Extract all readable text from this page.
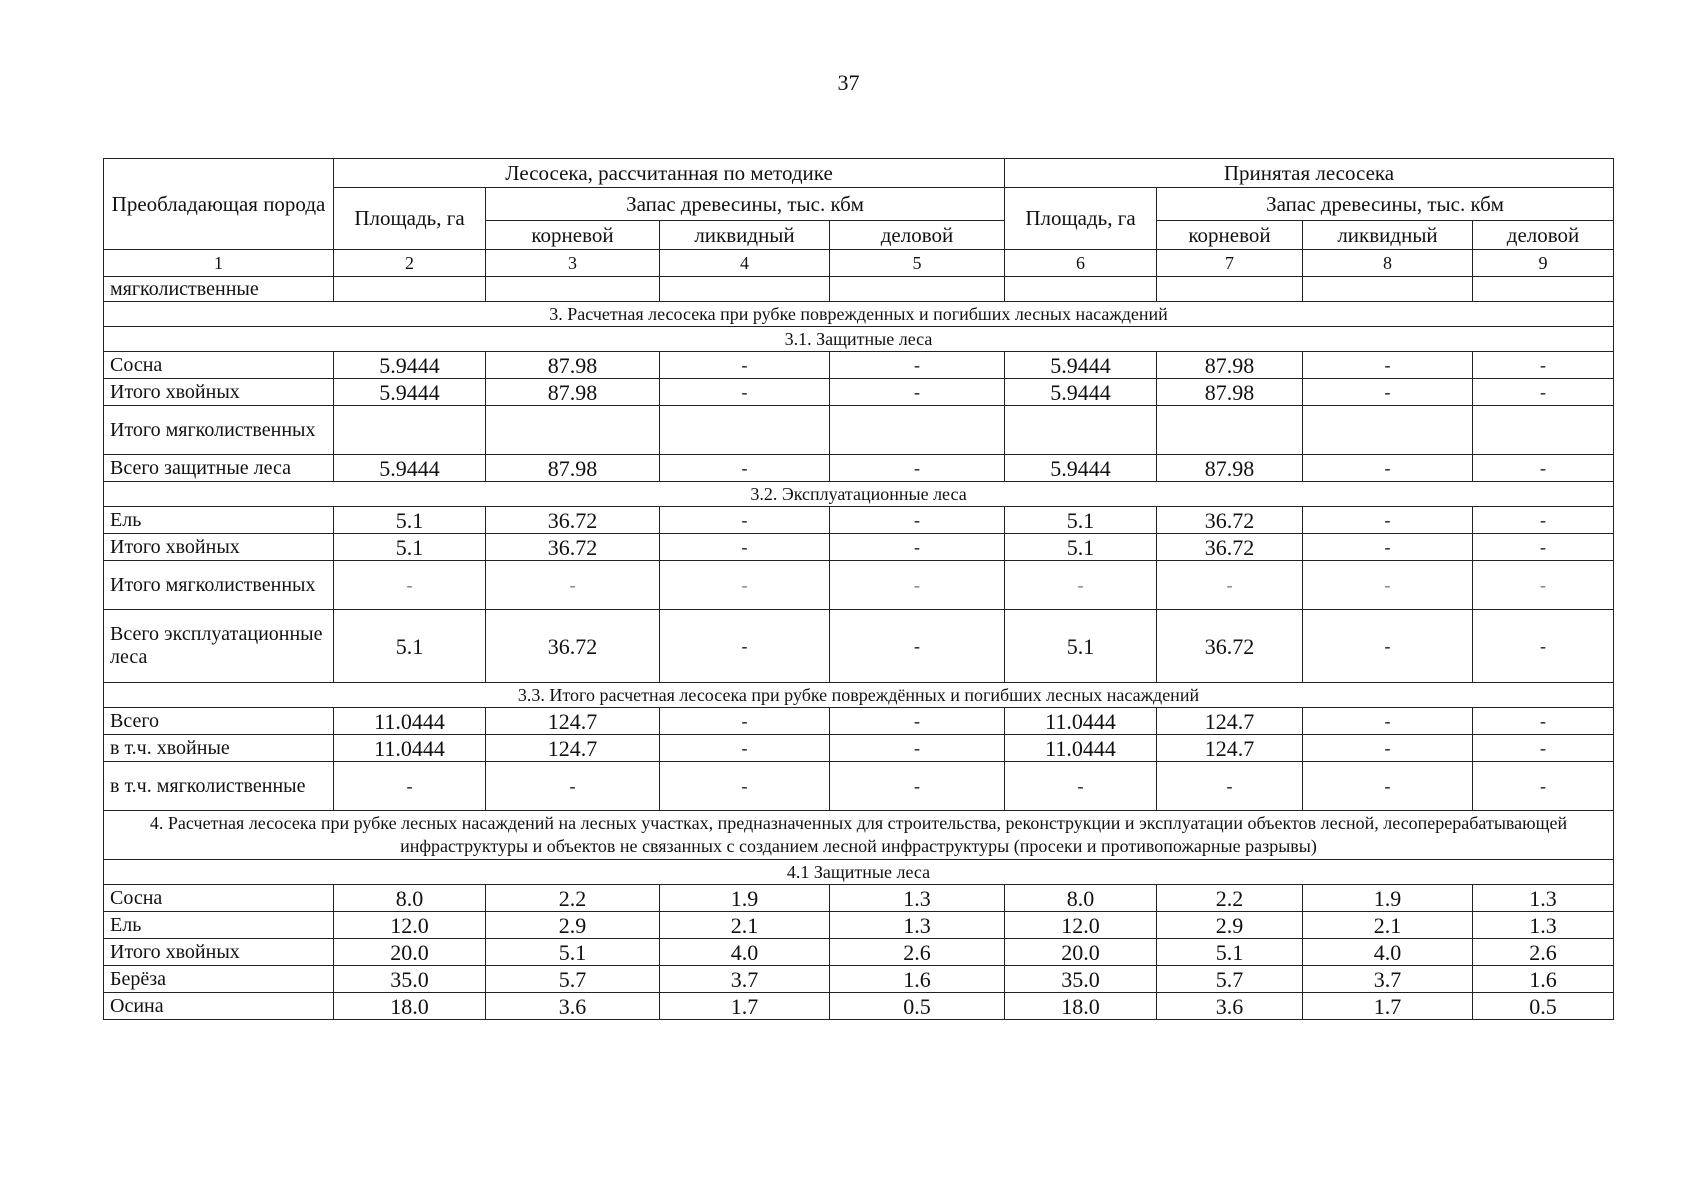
37
Преобладающая порода	Лесосека, рассчитанная по методике				Принятая лесосека			
	Площадь, га	Запас древесины, тыс. кбм			Площадь, га	Запас древесины, тыс. кбм		
		корневой	ликвидный	деловой		корневой	ликвидный	деловой
1	2	3	4	5	6	7	8	9
мягколиственные								
3. Расчетная лесосека при рубке поврежденных и погибших лесных насаждений								
3.1. Защитные леса								
Сосна	5.9444	87.98	-	-	5.9444	87.98	-	-
Итого хвойных	5.9444	87.98	-	-	5.9444	87.98	-	-
Итого мягколиственных								
Всего защитные леса	5.9444	87.98	-	-	5.9444	87.98	-	-
3.2. Эксплуатационные леса								
Ель	5.1	36.72	-	-	5.1	36.72	-	-
Итого хвойных	5.1	36.72	-	-	5.1	36.72	-	-
Итого мягколиственных	-	-	-	-	-	-	-	-
Всего эксплуатационные леса	5.1	36.72	-	-	5.1	36.72	-	-
3.3. Итого расчетная лесосека при рубке повреждённых и погибших лесных насаждений								
Всего	11.0444	124.7	-	-	11.0444	124.7	-	-
в т.ч. хвойные	11.0444	124.7	-	-	11.0444	124.7	-	-
в т.ч. мягколиственные	-	-	-	-	-	-	-	-
4. Расчетная лесосека при рубке лесных насаждений на лесных участках, предназначенных для строительства, реконструкции и эксплуатации объектов лесной, лесоперерабатывающей инфраструктуры и объектов не связанных с созданием лесной инфраструктуры (просеки и противопожарные разрывы)								
4.1 Защитные леса								
Сосна	8.0	2.2	1.9	1.3	8.0	2.2	1.9	1.3
Ель	12.0	2.9	2.1	1.3	12.0	2.9	2.1	1.3
Итого хвойных	20.0	5.1	4.0	2.6	20.0	5.1	4.0	2.6
Берёза	35.0	5.7	3.7	1.6	35.0	5.7	3.7	1.6
Осина	18.0	3.6	1.7	0.5	18.0	3.6	1.7	0.5
